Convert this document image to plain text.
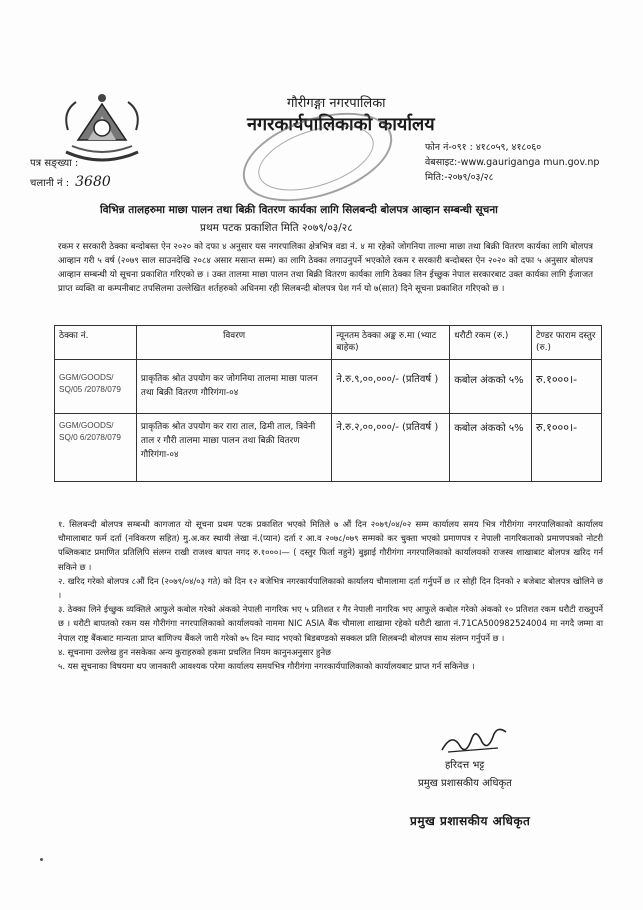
गौरीगङ्गा नगरपालिका
नगरकार्यपालिकाको कार्यालय
फोन नं-०९१ : ४१८०५९, ४१८०६०
वेबसाइट:-www.gauriganga mun.gov.np
मिति:-२०७९/०३/२८
पत्र सङ्ख्या :
चलानी नं : 3680
विभिन्न तालहरुमा माछा पालन तथा बिक्री वितरण कार्यका लागि सिलबन्दी बोलपत्र आव्हान सम्बन्धी सूचना
प्रथम पटक प्रकाशित मिति २०७९/०३/२८
रकम र सरकारी ठेक्का बन्दोबस्त ऐन २०२० को दफा ४ अनुसार यस नगरपालिका क्षेत्रभित्र वडा नं. ४ मा रहेको जोगनिया ताल्मा माछा तथा बिक्री वितरण कार्यका लागि बोलपत्र आव्हान गरी ५ वर्ष (२०७९ साल साउनदेखि २०८४ असार मसान्त सम्म) का लागि ठेक्का लगाउनुपर्ने भएकोले रकम र सरकारी बन्दोबस्त ऐन २०२० को दफा ५ अनुसार बोलपत्र आव्हान सम्बन्धी यो सूचना प्रकाशित गरिएको छ । उक्त तालमा माछा पालन तथा बिक्री वितरण कार्यका लागि ठेक्का लिन ईच्छुक नेपाल सरकारबाट उक्त कार्यका लागि ईजाजत प्राप्त व्यक्ति वा कम्पनीबाट तपसिलमा उल्लेखित शर्तहरुको अधिनमा रही सिलबन्दी बोलपत्र पेश गर्न यो ७(सात) दिने सूचना प्रकाशित गरिएको छ ।
ठेक्का नं.	विवरण	न्यूनतम ठेक्का अङ्क रु.मा (भ्याट बाहेक)	धरौटी रकम (रु.)	टेण्डर फाराम दस्तुर (रु.)
GGM/GOODS/ SQ/05 /2078/079	प्राकृतिक श्रोत उपयोग कर जोगनिया तालमा माछा पालन तथा बिक्री वितरण गौरिगंगा-०४	ने.रु.९,००,०००/- (प्रतिवर्ष )	कबोल अंकको ५%	रु.१०००।-
GGM/GOODS/ SQ/0 6/2078/079	प्राकृतिक श्रोत उपयोग कर रारा ताल, ढिमी ताल, त्रिवेनी ताल र गौरी तालमा माछा पालन तथा बिक्री वितरण गौरिगंगा-०४	ने.रु.२,००,०००/- (प्रतिवर्ष )	कबोल अंकको ५%	रु.१०००।-

१. सिलबन्दी बोलपत्र सम्बन्धी कागजात यो सूचना प्रथम पटक प्रकाशित भएको मितिले ७ औं दिन २०७९/०४/०२ सम्म कार्यालय समय भित्र गौरीगंगा नगरपालिकाको कार्यालय चौमालाबाट फर्म दर्ता (नविकरण सहित) मु.अ.कर स्थायी लेखा नं.(प्यान) दर्ता र आ.व २०७८/०७९ सम्मको कर चुक्ता भएको प्रमाणपत्र र नेपाली नागरिकताको प्रमाणपत्रको नोटरी पब्लिकबाट प्रमाणित प्रतिलिपि संलग्न राखी राजश्व बापत नगद रु.१०००।— ( दस्तुर फिर्ता नहुने) बुझाई गौरीगंगा नगरपालिकाको कार्यालयको राजस्व शाखाबाट बोलपत्र खरिद गर्न सकिने छ ।

२. खरिद गरेको बोलपत्र ८औं दिन (२०७९/०४/०३ गते) को दिन १२ बजेभित्र नगरकार्यपालिकाको कार्यालय चौमालामा दर्ता गर्नुपर्ने छ ।र सोही दिन दिनको २ बजेबाट बोलपत्र खोलिने छ ।

३. ठेक्का लिने ईच्छुक व्यक्तिले आफुले कबोल गरेको अंकको नेपाली नागरिक भए ५ प्रतिशत र गैर नेपाली नागरिक भए आफुले कबोल गरेको अंकको १० प्रतिशत रकम धरौटी राख्नुपर्ने छ । धरौटी बापतको रकम यस गौरीगंगा नगरपालिकाको कार्यालयको नाममा NIC ASIA बैंक चौमाला शाखामा रहेको धरौटी खाता नं.71CA500982524004 मा नगदै जम्मा वा नेपाल राष्ट्र बैंकबाट मान्यता प्राप्त बाणिज्य बैंकले जारी गरेको ७५ दिन म्याद भएको बिडबण्डको सक्कल प्रति शिलबन्दी बोलपत्र साथ संलग्न गर्नुपर्ने छ ।

४. सूचनामा उल्लेख हुन नसकेका अन्य कुराहरुको हकमा प्रचलित नियम कानुनअनुसार हुनेछ

५. यस सूचनाका विषयमा थप जानकारी आवश्यक परेमा कार्यालय समयभित्र गौरीगंगा नगरकार्यपालिकाको कार्यालयबाट प्राप्त गर्न सकिनेछ ।

हरिदत्त भट्ट
प्रमुख प्रशासकीय अधिकृत
प्रमुख प्रशासकीय अधिकृत
